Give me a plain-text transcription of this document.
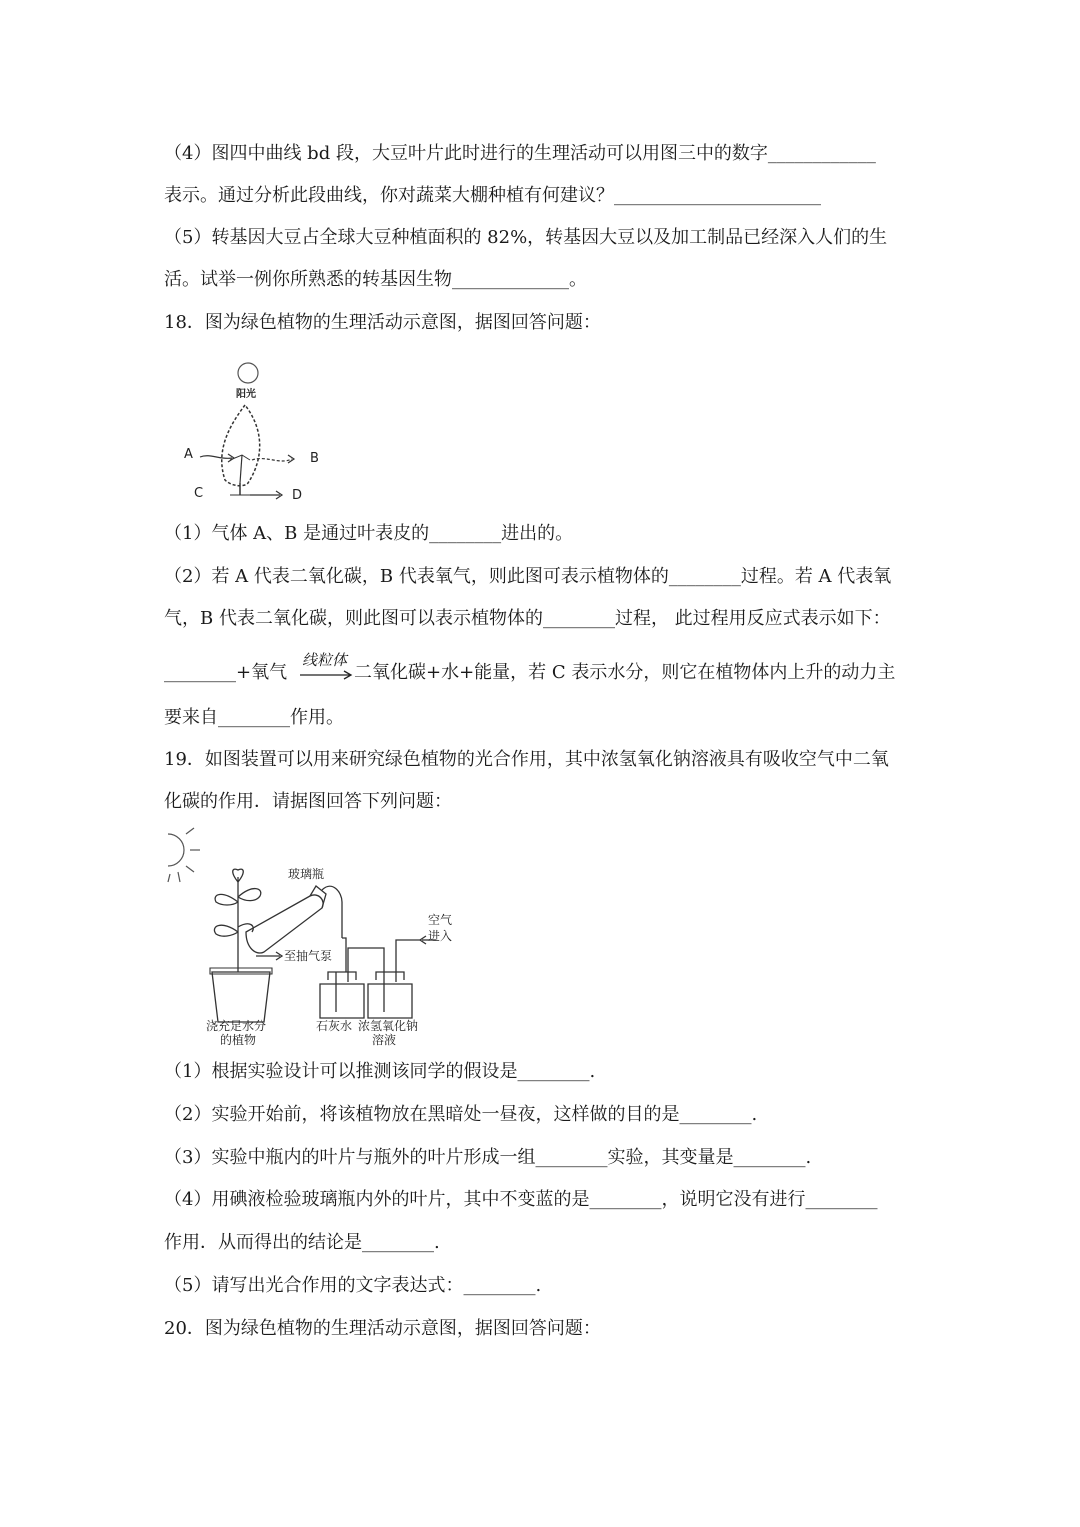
（4）图四中曲线 bd 段，大豆叶片此时进行的生理活动可以用图三中的数字____________
表示。通过分析此段曲线，你对蔬菜大棚种植有何建议？_______________________
（5）转基因大豆占全球大豆种植面积的 82%，转基因大豆以及加工制品已经深入人们的生
活。试举一例你所熟悉的转基因生物_____________。
18．图为绿色植物的生理活动示意图，据图回答问题：
阳光
A	B
C	D
（1）气体 A、B 是通过叶表皮的________进出的。
（2）若 A 代表二氧化碳，B 代表氧气，则此图可表示植物体的________过程。若 A 代表氧
气，B 代表二氧化碳，则此图可以表示植物体的________过程， 此过程用反应式表示如下：
________+氧气
线粒体
→ 二氧化碳+水+能量，若 C 表示水分，则它在植物体内上升的动力主
要来自________作用。
19．如图装置可以用来研究绿色植物的光合作用，其中浓氢氧化钠溶液具有吸收空气中二氧
化碳的作用．请据图回答下列问题：
玻璃瓶
至抽气泵
空气
进入
浇充足水分
的植物
石灰水 浓氢氧化钠
溶液
（1）根据实验设计可以推测该同学的假设是________.
（2）实验开始前，将该植物放在黑暗处一昼夜，这样做的目的是________.
（3）实验中瓶内的叶片与瓶外的叶片形成一组________实验，其变量是________.
（4）用碘液检验玻璃瓶内外的叶片，其中不变蓝的是________，说明它没有进行________
作用．从而得出的结论是________.
（5）请写出光合作用的文字表达式：________.
20．图为绿色植物的生理活动示意图，据图回答问题：
